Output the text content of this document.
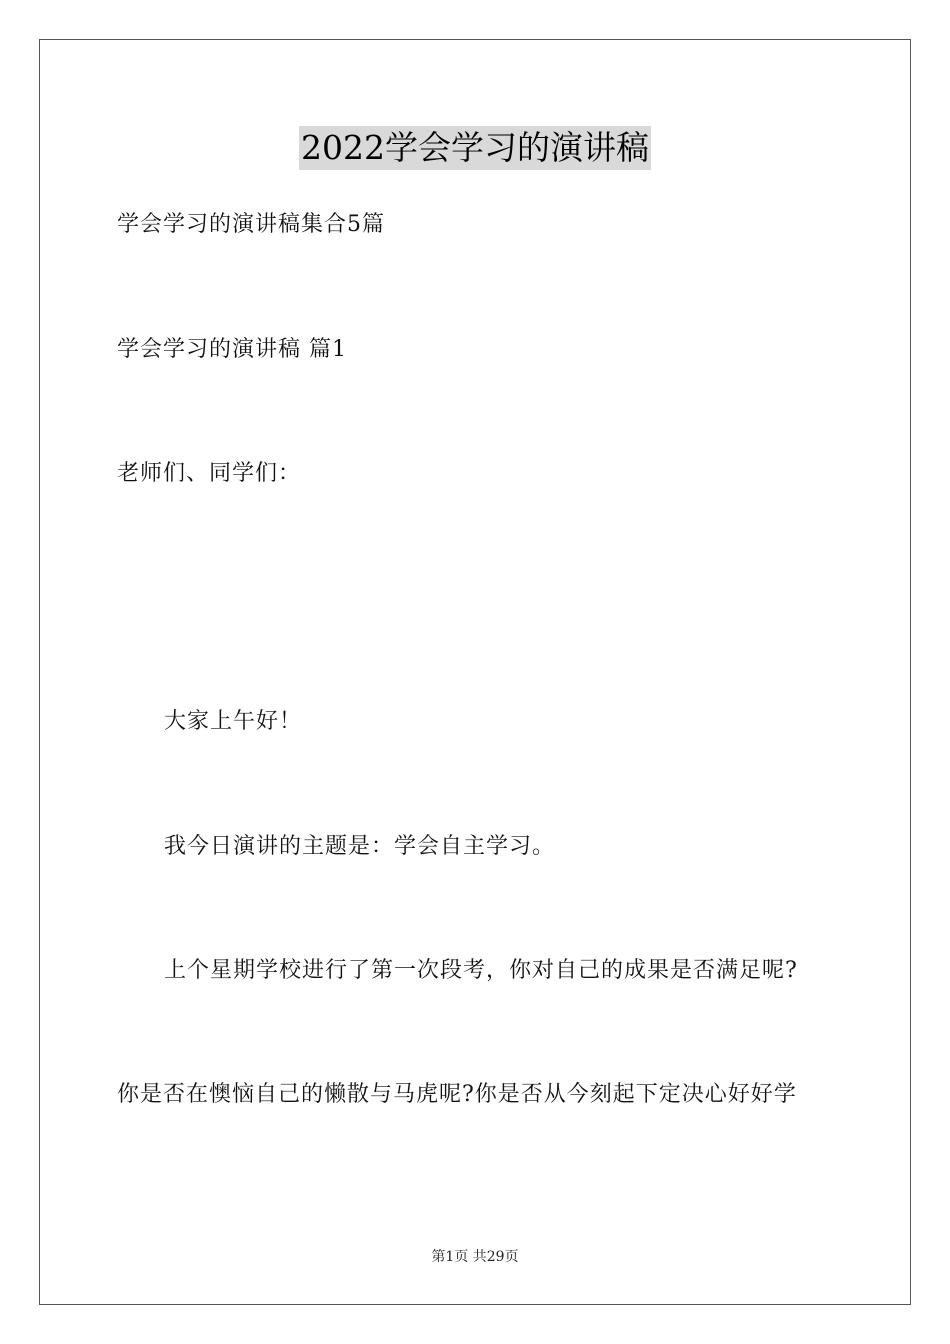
2022学会学习的演讲稿
学会学习的演讲稿集合5篇
学会学习的演讲稿 篇1
老师们、同学们：
大家上午好！
我今日演讲的主题是：学会自主学习。
上个星期学校进行了第一次段考，你对自己的成果是否满足呢?
你是否在懊恼自己的懒散与马虎呢?你是否从今刻起下定决心好好学
第1页 共29页
